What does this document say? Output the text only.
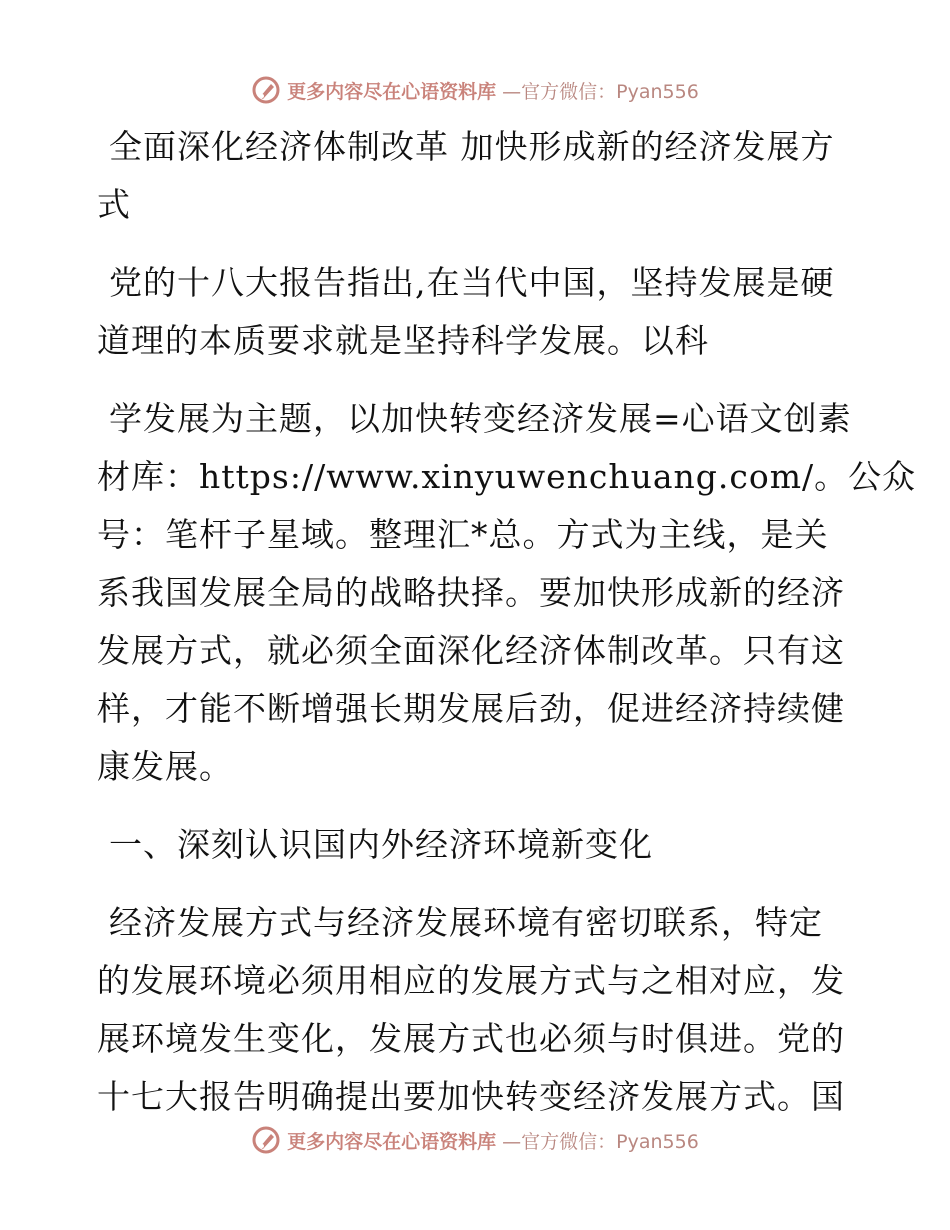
更多内容尽在心语资料库 —官方微信：Pyan556

全面深化经济体制改革 加快形成新的经济发展方
式

党的十八大报告指出,在当代中国，坚持发展是硬
道理的本质要求就是坚持科学发展。以科

学发展为主题，以加快转变经济发展=心语文创素
材库：https://www.xinyuwenchuang.com/。公众
号：笔杆子星域。整理汇*总。方式为主线，是关
系我国发展全局的战略抉择。要加快形成新的经济
发展方式，就必须全面深化经济体制改革。只有这
样，才能不断增强长期发展后劲，促进经济持续健
康发展。

一、深刻认识国内外经济环境新变化

经济发展方式与经济发展环境有密切联系，特定
的发展环境必须用相应的发展方式与之相对应，发
展环境发生变化，发展方式也必须与时俱进。党的
十七大报告明确提出要加快转变经济发展方式。国

更多内容尽在心语资料库 —官方微信：Pyan556
